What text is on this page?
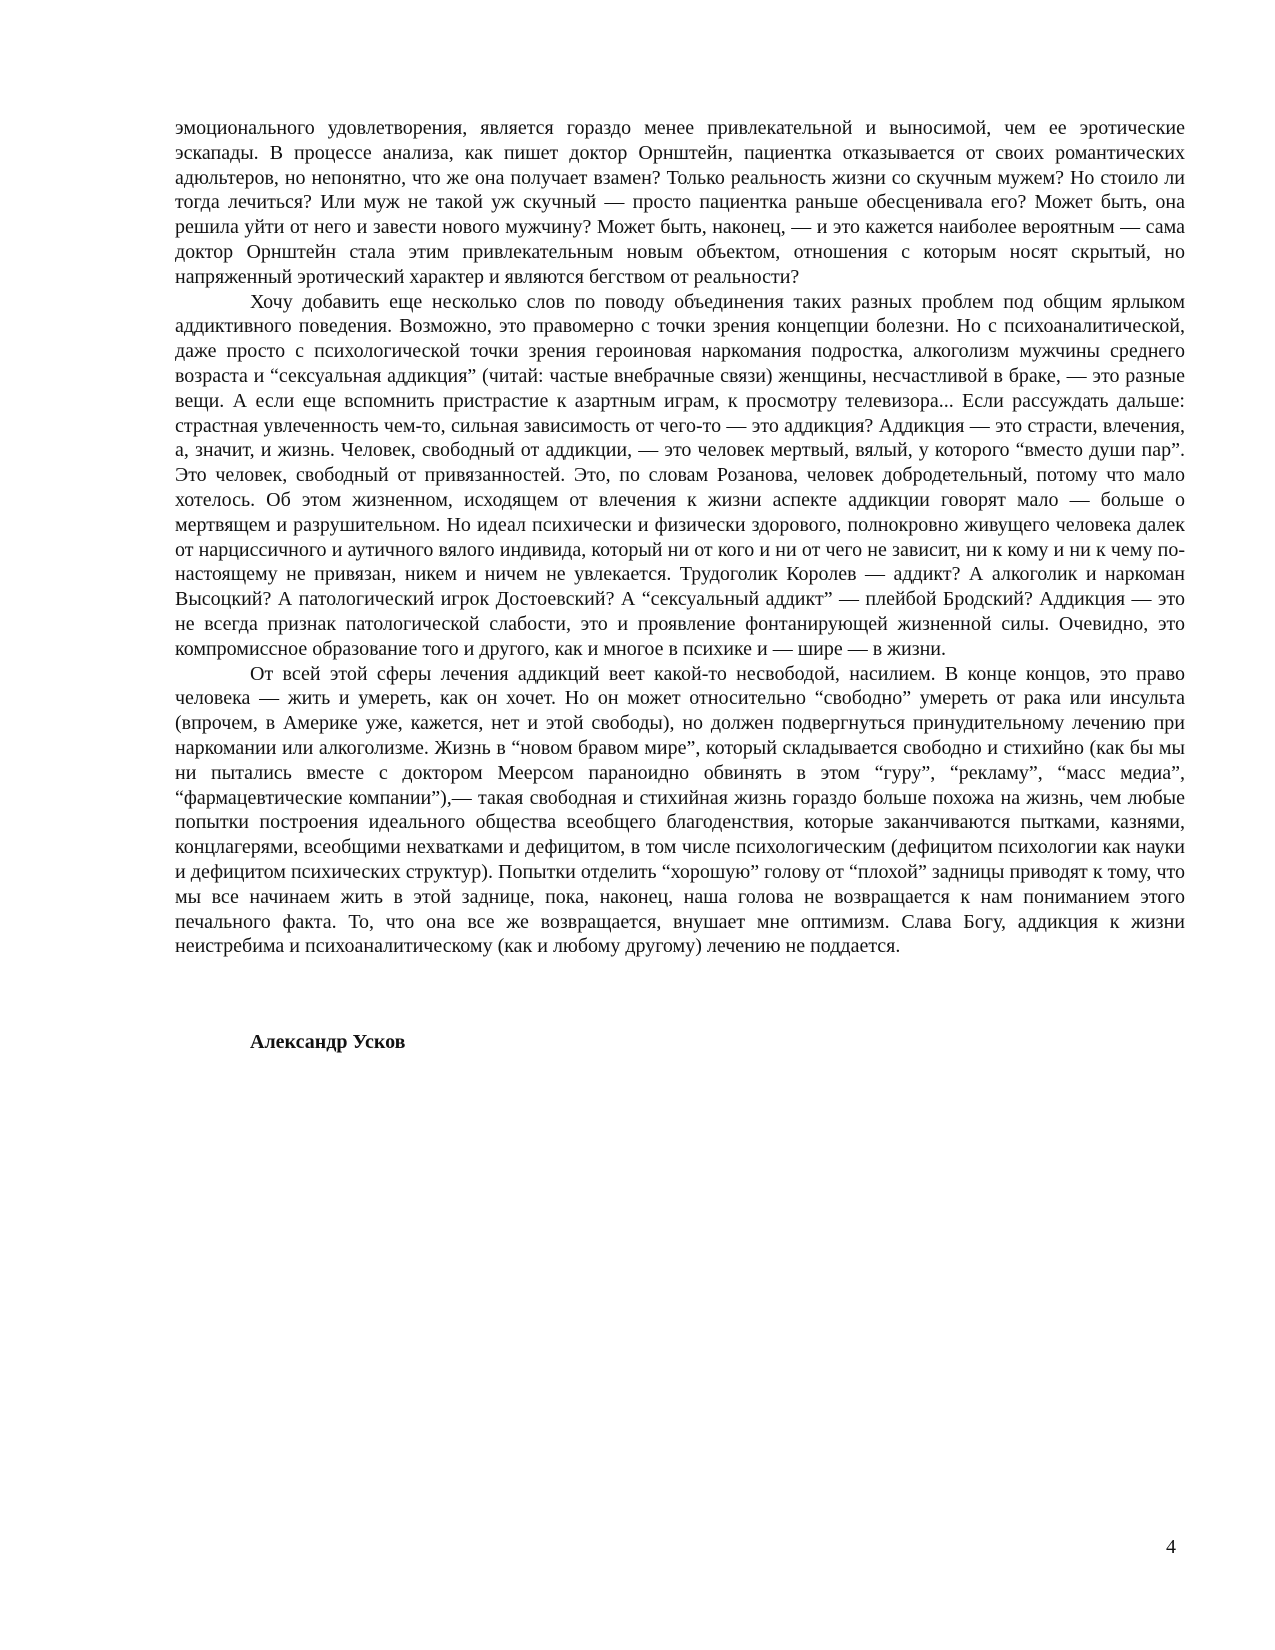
эмоционального удовлетворения, является гораздо менее привлекательной и выносимой, чем ее эротические эскапады. В процессе анализа, как пишет доктор Орнштейн, пациентка отказывается от своих романтических адюльтеров, но непонятно, что же она получает взамен? Только реальность жизни со скучным мужем? Но стоило ли тогда лечиться? Или муж не такой уж скучный — просто пациентка раньше обесценивала его? Может быть, она решила уйти от него и завести нового мужчину? Может быть, наконец, — и это кажется наиболее вероятным — сама доктор Орнштейн стала этим привлекательным новым объектом, отношения с которым носят скрытый, но напряженный эротический характер и являются бегством от реальности?

Хочу добавить еще несколько слов по поводу объединения таких разных проблем под общим ярлыком аддиктивного поведения. Возможно, это правомерно с точки зрения концепции болезни. Но с психоаналитической, даже просто с психологической точки зрения героиновая наркомания подростка, алкоголизм мужчины среднего возраста и “сексуальная аддикция” (читай: частые внебрачные связи) женщины, несчастливой в браке, — это разные вещи. А если еще вспомнить пристрастие к азартным играм, к просмотру телевизора... Если рассуждать дальше: страстная увлеченность чем-то, сильная зависимость от чего-то — это аддикция? Аддикция — это страсти, влечения, а, значит, и жизнь. Человек, свободный от аддикции, — это человек мертвый, вялый, у которого “вместо души пар”. Это человек, свободный от привязанностей. Это, по словам Розанова, человек добродетельный, потому что мало хотелось. Об этом жизненном, исходящем от влечения к жизни аспекте аддикции говорят мало — больше о мертвящем и разрушительном. Но идеал психически и физически здорового, полнокровно живущего человека далек от нарциссичного и аутичного вялого индивида, который ни от кого и ни от чего не зависит, ни к кому и ни к чему по-настоящему не привязан, никем и ничем не увлекается. Трудоголик Королев — аддикт? А алкоголик и наркоман Высоцкий? А патологический игрок Достоевский? А “сексуальный аддикт” — плейбой Бродский? Аддикция — это не всегда признак патологической слабости, это и проявление фонтанирующей жизненной силы. Очевидно, это компромиссное образование того и другого, как и многое в психике и — шире — в жизни.

От всей этой сферы лечения аддикций веет какой-то несвободой, насилием. В конце концов, это право человека — жить и умереть, как он хочет. Но он может относительно “свободно” умереть от рака или инсульта (впрочем, в Америке уже, кажется, нет и этой свободы), но должен подвергнуться принудительному лечению при наркомании или алкоголизме. Жизнь в “новом бравом мире”, который складывается свободно и стихийно (как бы мы ни пытались вместе с доктором Меерсом параноидно обвинять в этом “гуру”, “рекламу”, “масс медиа”, “фармацевтические компании”),— такая свободная и стихийная жизнь гораздо больше похожа на жизнь, чем любые попытки построения идеального общества всеобщего благоденствия, которые заканчиваются пытками, казнями, концлагерями, всеобщими нехватками и дефицитом, в том числе психологическим (дефицитом психологии как науки и дефицитом психических структур). Попытки отделить “хорошую” голову от “плохой” задницы приводят к тому, что мы все начинаем жить в этой заднице, пока, наконец, наша голова не возвращается к нам пониманием этого печального факта. То, что она все же возвращается, внушает мне оптимизм. Слава Богу, аддикция к жизни неистребима и психоаналитическому (как и любому другому) лечению не поддается.

Александр Усков
4
